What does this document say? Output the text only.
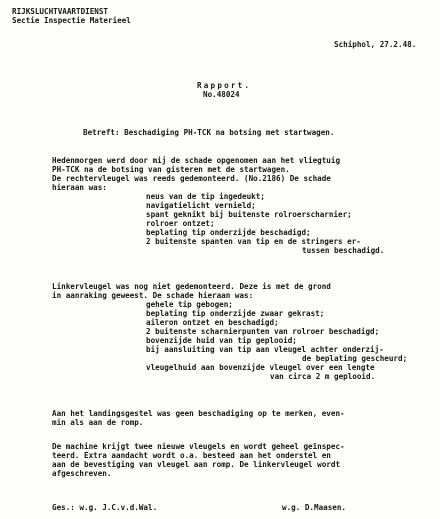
RIJKSLUCHTVAARTDIENST
Sectie Inspectie Materieel
Schiphol, 27.2.48.
Rapport.
No.48024
Betreft: Beschadiging PH-TCK na botsing met startwagen.
Hedenmorgen werd door mij de schade opgenomen aan het vliegtuig
PH-TCK na de botsing van gisteren met de startwagen.
De rechtervleugel was reeds gedemonteerd. (No.2186) De schade
hieraan was:
neus van de tip ingedeukt;
navigatielicht vernield;
spant geknikt bij buitenste rolroerscharnier;
rolroer ontzet;
beplating tip onderzijde beschadigd;
2 buitenste spanten van tip en de stringers er-
tussen beschadigd.
Linkervleugel was nog niet gedemonteerd. Deze is met de grond
in aanraking geweest. De schade hieraan was:
gehele tip gebogen;
beplating tip onderzijde zwaar gekrast;
aileron ontzet en beschadigd;
2 buitenste scharnierpunten van rolroer beschadigd;
bovenzijde huid van tip geplooid;
bij aansluiting van tip aan vleugel achter onderzij-
de beplating gescheurd;
vleugelhuid aan bovenzijde vleugel over een lengte
van circa 2 m geplooid.
Aan het landingsgestel was geen beschadiging op te merken, even-
min als aan de romp.
De machine krijgt twee nieuwe vleugels en wordt geheel geïnspec-
teerd. Extra aandacht wordt o.a. besteed aan het onderstel en
aan de bevestiging van vleugel aan romp. De linkervleugel wordt
afgeschreven.
Ges.: w.g. J.C.v.d.Wal.	w.g. D.Maasen.
